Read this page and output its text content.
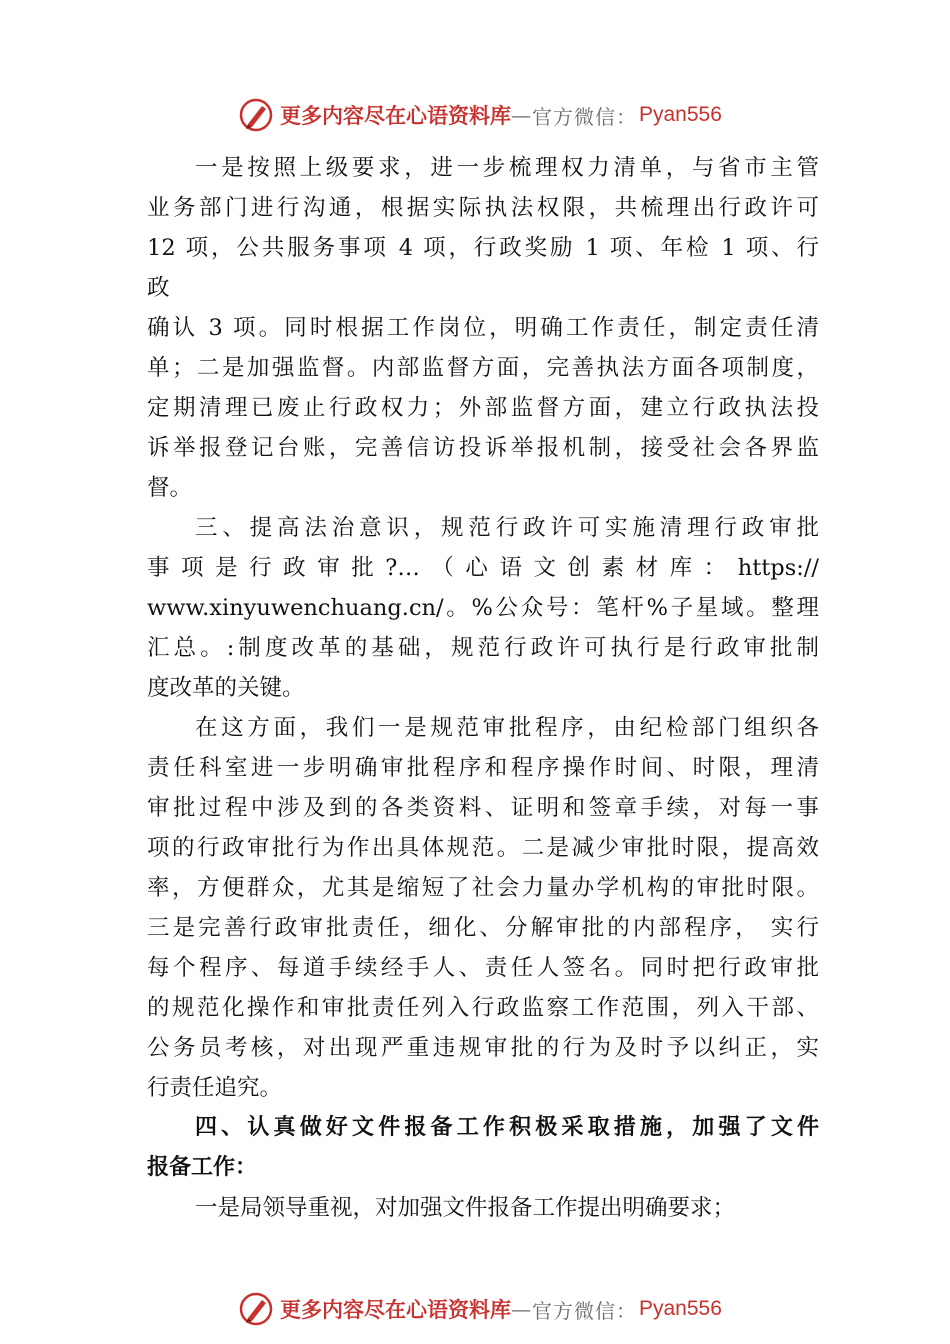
更多内容尽在心语资料库 — 官方微信： Pyan556
一是按照上级要求，进一步梳理权力清单，与省市主管
业务部门进行沟通，根据实际执法权限，共梳理出行政许可
12 项，公共服务事项 4 项，行政奖励 1 项、年检 1 项、行
政
确认 3 项。同时根据工作岗位，明确工作责任，制定责任清
单；二是加强监督。内部监督方面，完善执法方面各项制度，
定期清理已废止行政权力；外部监督方面，建立行政执法投
诉举报登记台账，完善信访投诉举报机制，接受社会各界监
督。
三、提高法治意识，规范行政许可实施清理行政审批
事项是行政审批?…（心语文创素材库：https://
www.xinyuwenchuang.cn/。%公众号：笔杆%子星域。整理
汇总。:制度改革的基础，规范行政许可执行是行政审批制
度改革的关键。
在这方面，我们一是规范审批程序，由纪检部门组织各
责任科室进一步明确审批程序和程序操作时间、时限，理清
审批过程中涉及到的各类资料、证明和签章手续，对每一事
项的行政审批行为作出具体规范。二是减少审批时限，提高效
率，方便群众，尤其是缩短了社会力量办学机构的审批时限。
三是完善行政审批责任，细化、分解审批的内部程序， 实行
每个程序、每道手续经手人、责任人签名。同时把行政审批
的规范化操作和审批责任列入行政监察工作范围，列入干部、
公务员考核，对出现严重违规审批的行为及时予以纠正，实
行责任追究。
四、认真做好文件报备工作积极采取措施，加强了文件
报备工作：
一是局领导重视，对加强文件报备工作提出明确要求；
更多内容尽在心语资料库 — 官方微信： Pyan556
